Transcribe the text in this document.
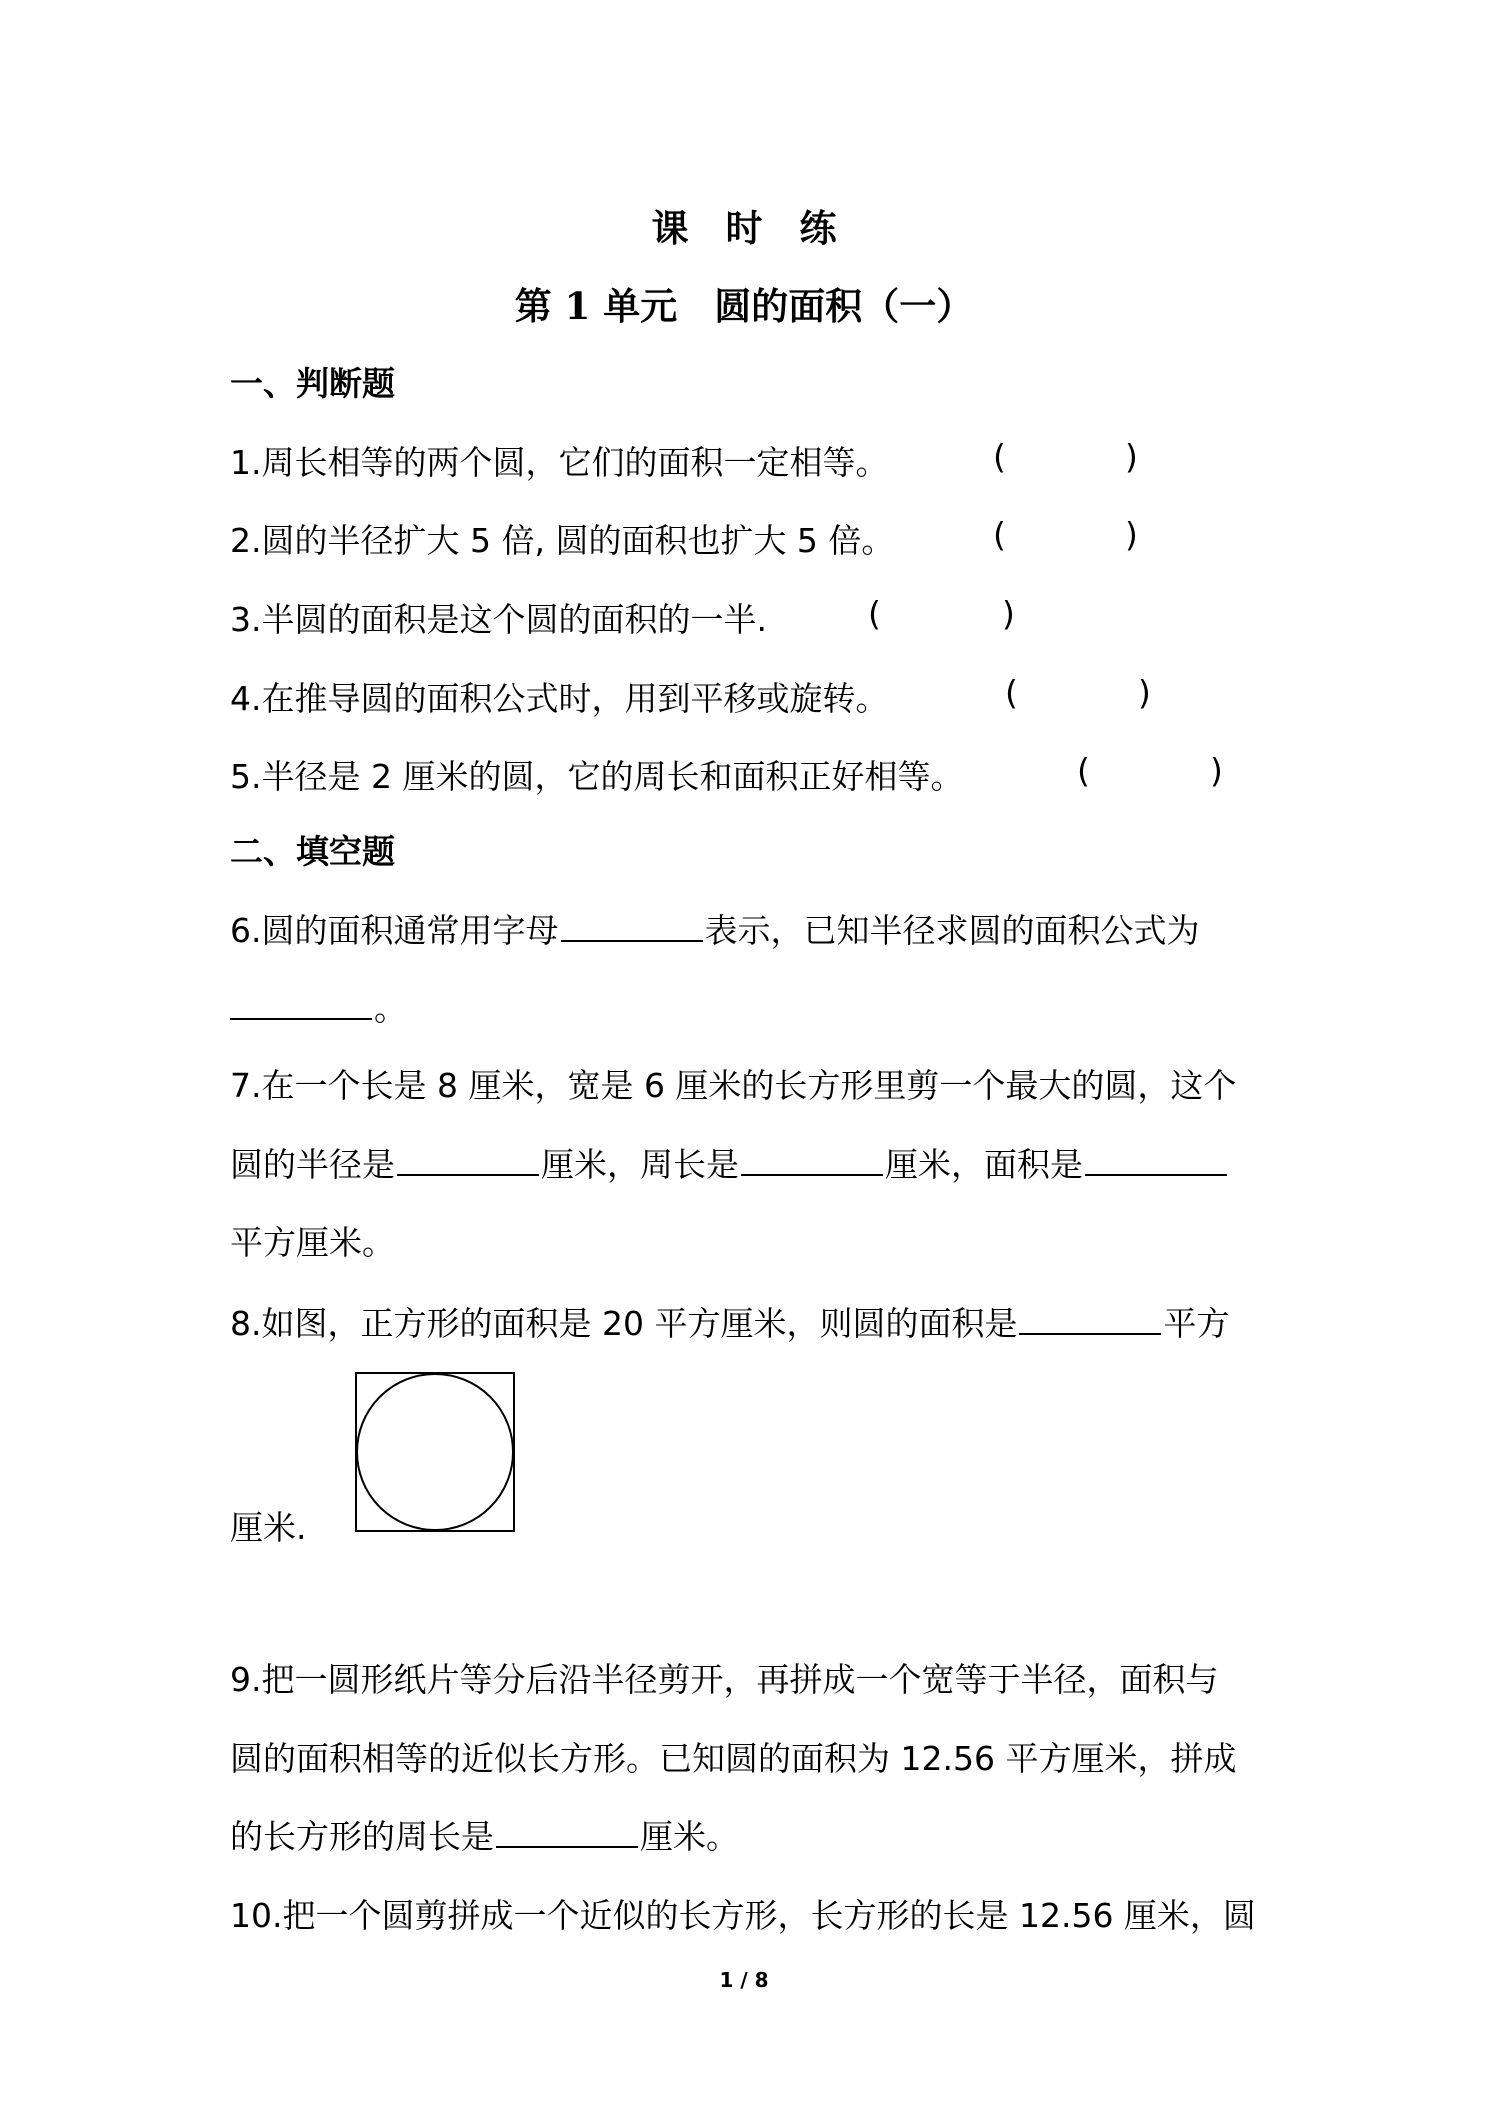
课　时　练
第 1 单元　圆的面积（一）
一、判断题
1.周长相等的两个圆，它们的面积一定相等。	(	)
2.圆的半径扩大 5 倍, 圆的面积也扩大 5 倍。	(	)
3.半圆的面积是这个圆的面积的一半.	(	)
4.在推导圆的面积公式时，用到平移或旋转。	(	)
5.半径是 2 厘米的圆，它的周长和面积正好相等。	(	)
二、填空题
6.圆的面积通常用字母	表示，已知半径求圆的面积公式为
。
7.在一个长是 8 厘米，宽是 6 厘米的长方形里剪一个最大的圆，这个
圆的半径是	厘米，周长是	厘米，面积是
平方厘米。
8.如图，正方形的面积是 20 平方厘米，则圆的面积是	平方
厘米.
9.把一圆形纸片等分后沿半径剪开，再拼成一个宽等于半径，面积与
圆的面积相等的近似长方形。已知圆的面积为 12.56 平方厘米，拼成
的长方形的周长是	厘米。
10.把一个圆剪拼成一个近似的长方形，长方形的长是 12.56 厘米，圆
1 / 8
